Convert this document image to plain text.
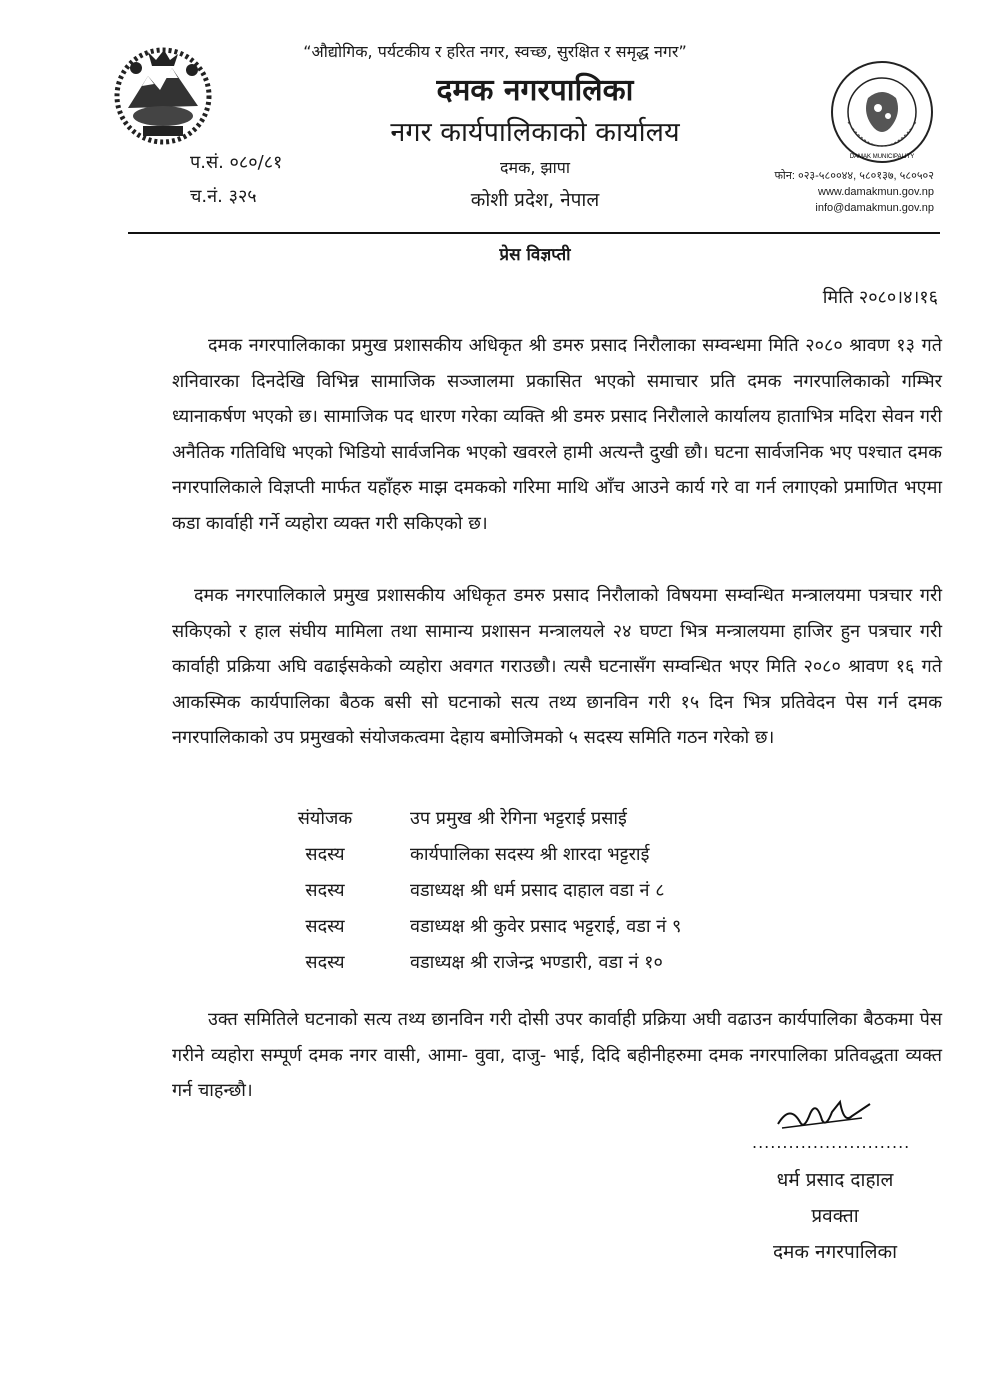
DAMAK MUNICIPALITY
“औद्योगिक, पर्यटकीय र हरित नगर, स्वच्छ, सुरक्षित र समृद्ध नगर”
दमक नगरपालिका
नगर कार्यपालिकाको कार्यालय
दमक, झापा
कोशी प्रदेश, नेपाल
प.सं. ०८०/८१
च.नं. ३२५
फोन: ०२३-५८००४४, ५८०१३७, ५८०५०२
www.damakmun.gov.np
info@damakmun.gov.np
प्रेस विज्ञप्ती
मिति २०८०।४।१६

दमक नगरपालिकाका प्रमुख प्रशासकीय अधिकृत श्री डमरु प्रसाद निरौलाका सम्वन्धमा मिति २०८० श्रावण १३ गते शनिवारका दिनदेखि विभिन्न सामाजिक सञ्जालमा प्रकासित भएको समाचार प्रति दमक नगरपालिकाको गम्भिर ध्यानाकर्षण भएको छ। सामाजिक पद धारण गरेका व्यक्ति श्री डमरु प्रसाद निरौलाले कार्यालय हाताभित्र मदिरा सेवन गरी अनैतिक गतिविधि भएको भिडियो सार्वजनिक भएको खवरले हामी अत्यन्तै दुखी छौ। घटना सार्वजनिक भए पश्चात दमक नगरपालिकाले विज्ञप्ती मार्फत यहाँहरु माझ दमकको गरिमा माथि आँच आउने कार्य गरे वा गर्न लगाएको प्रमाणित भएमा कडा कार्वाही गर्ने व्यहोरा व्यक्त गरी सकिएको छ।

दमक नगरपालिकाले प्रमुख प्रशासकीय अधिकृत डमरु प्रसाद निरौलाको विषयमा सम्वन्धित मन्त्रालयमा पत्रचार गरी सकिएको र हाल संघीय मामिला तथा सामान्य प्रशासन मन्त्रालयले २४ घण्टा भित्र मन्त्रालयमा हाजिर हुन पत्रचार गरी कार्वाही प्रक्रिया अघि वढाईसकेको व्यहोरा अवगत गराउछौ। त्यसै घटनासँग सम्वन्धित भएर मिति २०८० श्रावण १६ गते आकस्मिक कार्यपालिका बैठक बसी सो घटनाको सत्य तथ्य छानविन गरी १५ दिन भित्र प्रतिवेदन पेस गर्न दमक नगरपालिकाको उप प्रमुखको संयोजकत्वमा देहाय बमोजिमको ५ सदस्य समिति गठन गरेको छ।

संयोजक	उप प्रमुख श्री रेगिना भट्टराई प्रसाई
सदस्य	कार्यपालिका सदस्य श्री शारदा भट्टराई
सदस्य	वडाध्यक्ष श्री धर्म प्रसाद दाहाल वडा नं ८
सदस्य	वडाध्यक्ष श्री कुवेर प्रसाद भट्टराई, वडा नं ९
सदस्य	वडाध्यक्ष श्री राजेन्द्र भण्डारी, वडा नं १०

उक्त समितिले घटनाको सत्य तथ्य छानविन गरी दोसी उपर कार्वाही प्रक्रिया अघी वढाउन कार्यपालिका बैठकमा पेस गरीने व्यहोरा सम्पूर्ण दमक नगर वासी, आमा- वुवा, दाजु- भाई, दिदि बहीनीहरुमा दमक नगरपालिका प्रतिवद्धता व्यक्त गर्न चाहन्छौ।

..........................
धर्म प्रसाद दाहाल
प्रवक्ता
दमक नगरपालिका
